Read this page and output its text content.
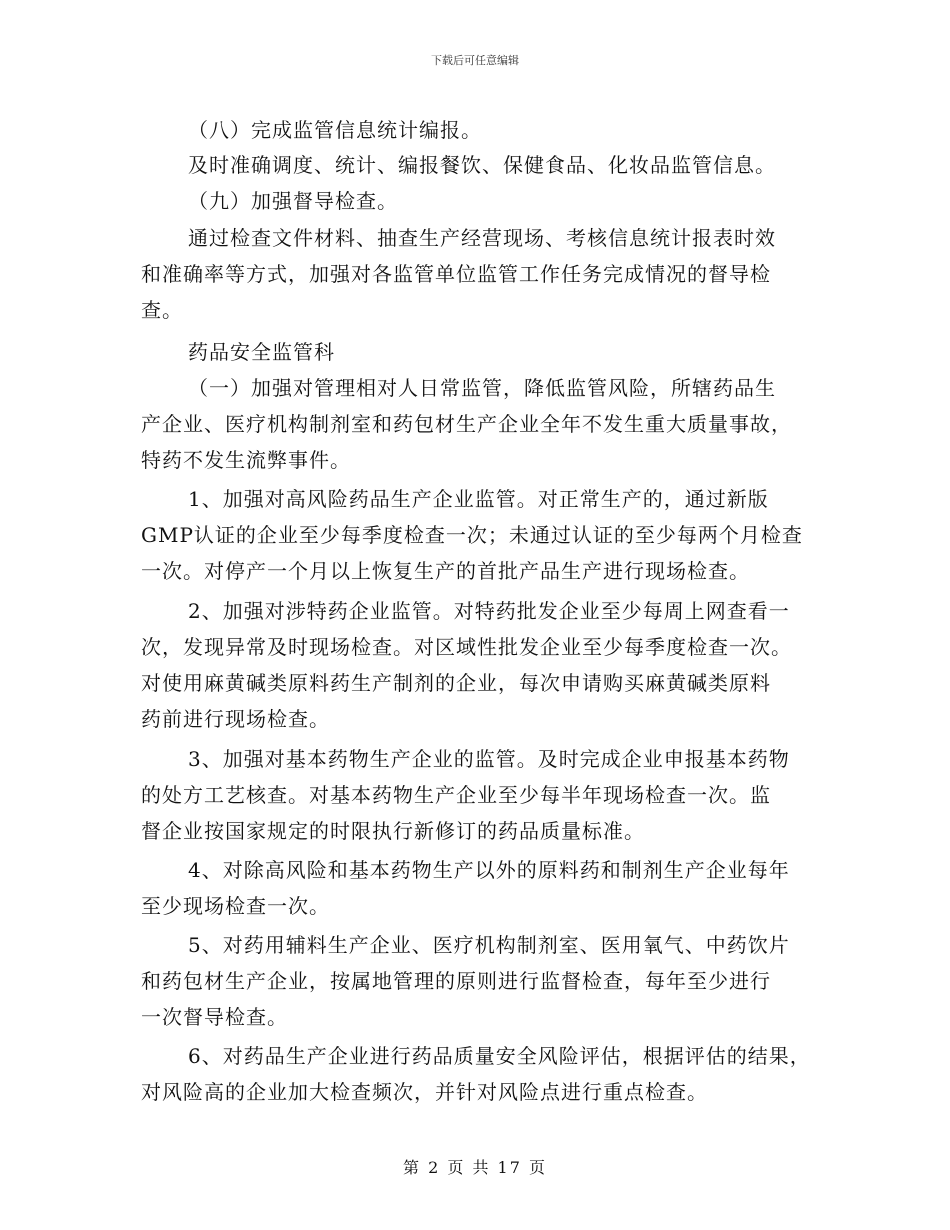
下载后可任意编辑
（八）完成监管信息统计编报。
及时准确调度、统计、编报餐饮、保健食品、化妆品监管信息。
（九）加强督导检查。
通过检查文件材料、抽查生产经营现场、考核信息统计报表时效
和准确率等方式，加强对各监管单位监管工作任务完成情况的督导检
查。
药品安全监管科
（一）加强对管理相对人日常监管，降低监管风险，所辖药品生
产企业、医疗机构制剂室和药包材生产企业全年不发生重大质量事故，
特药不发生流弊事件。
1、加强对高风险药品生产企业监管。对正常生产的，通过新版
GMP认证的企业至少每季度检查一次；未通过认证的至少每两个月检查
一次。对停产一个月以上恢复生产的首批产品生产进行现场检查。
2、加强对涉特药企业监管。对特药批发企业至少每周上网查看一
次，发现异常及时现场检查。对区域性批发企业至少每季度检查一次。
对使用麻黄碱类原料药生产制剂的企业，每次申请购买麻黄碱类原料
药前进行现场检查。
3、加强对基本药物生产企业的监管。及时完成企业申报基本药物
的处方工艺核查。对基本药物生产企业至少每半年现场检查一次。监
督企业按国家规定的时限执行新修订的药品质量标准。
4、对除高风险和基本药物生产以外的原料药和制剂生产企业每年
至少现场检查一次。
5、对药用辅料生产企业、医疗机构制剂室、医用氧气、中药饮片
和药包材生产企业，按属地管理的原则进行监督检查，每年至少进行
一次督导检查。
6、对药品生产企业进行药品质量安全风险评估，根据评估的结果，
对风险高的企业加大检查频次，并针对风险点进行重点检查。
第 2 页 共 17 页
